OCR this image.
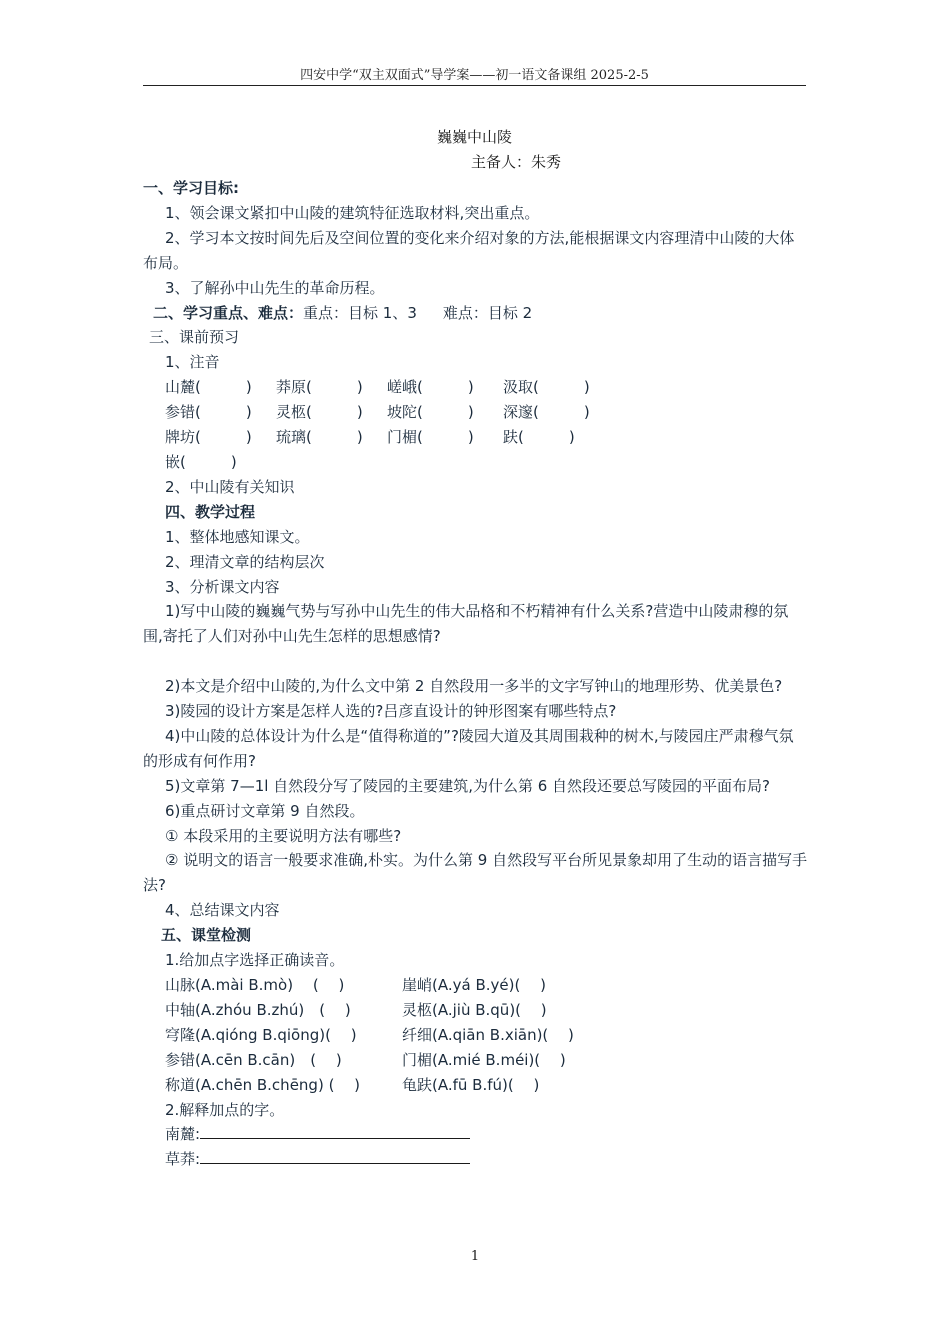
四安中学“双主双面式”导学案——初一语文备课组 2025-2-5
巍巍中山陵
主备人：朱秀
一、学习目标:
1、领会课文紧扣中山陵的建筑特征选取材料,突出重点。
2、学习本文按时间先后及空间位置的变化来介绍对象的方法,能根据课文内容理清中山陵的大体布局。
3、了解孙中山先生的革命历程。
二、学习重点、难点：重点：目标 1、3 难点：目标 2
三、课前预习
1、注音
山麓(　　　) 莽原(　　　) 嵯峨(　　　) 汲取(　　　)
参错(　　　) 灵柩(　　　) 坡陀(　　　) 深邃(　　　)
牌坊(　　　) 琉璃(　　　) 门楣(　　　) 趺(　　　)
嵌(　　　)
2、中山陵有关知识
四、教学过程
1、整体地感知课文。
2、理清文章的结构层次
3、分析课文内容
1)写中山陵的巍巍气势与写孙中山先生的伟大品格和不朽精神有什么关系?营造中山陵肃穆的氛围,寄托了人们对孙中山先生怎样的思想感情?
2)本文是介绍中山陵的,为什么文中第 2 自然段用一多半的文字写钟山的地理形势、优美景色?
3)陵园的设计方案是怎样人选的?吕彦直设计的钟形图案有哪些特点?
4)中山陵的总体设计为什么是“值得称道的”?陵园大道及其周围栽种的树木,与陵园庄严肃穆气氛的形成有何作用?
5)文章第 7—1l 自然段分写了陵园的主要建筑,为什么第 6 自然段还要总写陵园的平面布局?
6)重点研讨文章第 9 自然段。
① 本段采用的主要说明方法有哪些?
② 说明文的语言一般要求准确,朴实。为什么第 9 自然段写平台所见景象却用了生动的语言描写手法?
4、总结课文内容
五、课堂检测
1.给加点字选择正确读音。
山脉(A.mài B.mò)　 (　 )	崖峭(A.yá B.yé)(　 )
中轴(A.zhóu B.zhú)　(　 )	灵柩(A.jiù B.qū)(　 )
穹隆(A.qióng B.qiōng)(　 )	纤细(A.qiān B.xiān)(　 )
参错(A.cēn B.cān)　(　 )	门楣(A.mié B.méi)(　 )
称道(A.chēn B.chēng) (　 )	龟趺(A.fū B.fú)(　 )
2.解释加点的字。
南麓:
草莽:
1
